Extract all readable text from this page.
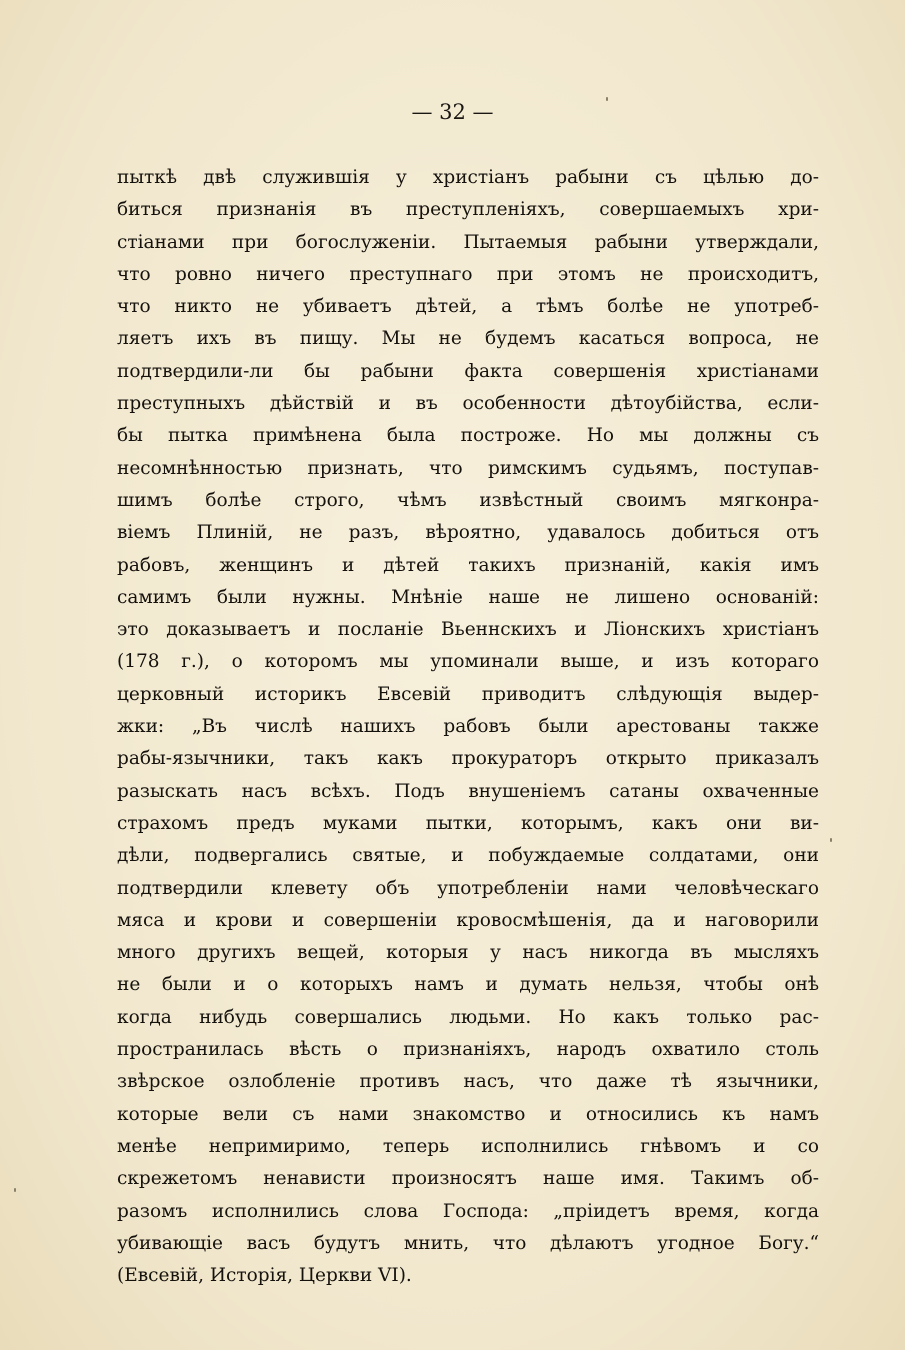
— 32 —
пыткѣ двѣ служившія у христіанъ рабыни съ цѣлью до-
биться признанія въ преступленіяхъ, совершаемыхъ хри-
стіанами при богослуженіи. Пытаемыя рабыни утверждали,
что ровно ничего преступнаго при этомъ не происходитъ,
что никто не убиваетъ дѣтей, а тѣмъ болѣе не употреб-
ляетъ ихъ въ пищу. Мы не будемъ касаться вопроса, не
подтвердили-ли бы рабыни факта совершенія христіанами
преступныхъ дѣйствій и въ особенности дѣтоубійства, если-
бы пытка примѣнена была построже. Но мы должны съ
несомнѣнностью признать, что римскимъ судьямъ, поступав-
шимъ болѣе строго, чѣмъ извѣстный своимъ мягконра-
віемъ Плиній, не разъ, вѣроятно, удавалось добиться отъ
рабовъ, женщинъ и дѣтей такихъ признаній, какія имъ
самимъ были нужны. Мнѣніе наше не лишено основаній:
это доказываетъ и посланіе Вьеннскихъ и Ліонскихъ христіанъ
(178 г.), о которомъ мы упоминали выше, и изъ котораго
церковный историкъ Евсевій приводитъ слѣдующія выдер-
жки: „Въ числѣ нашихъ рабовъ были арестованы также
рабы-язычники, такъ какъ прокураторъ открыто приказалъ
разыскать насъ всѣхъ. Подъ внушеніемъ сатаны охваченные
страхомъ предъ муками пытки, которымъ, какъ они ви-
дѣли, подвергались святые, и побуждаемые солдатами, они
подтвердили клевету объ употребленіи нами человѣческаго
мяса и крови и совершеніи кровосмѣшенія, да и наговорили
много другихъ вещей, которыя у насъ никогда въ мысляхъ
не были и о которыхъ намъ и думать нельзя, чтобы онѣ
когда нибудь совершались людьми. Но какъ только рас-
пространилась вѣсть о признаніяхъ, народъ охватило столь
звѣрское озлобленіе противъ насъ, что даже тѣ язычники,
которые вели съ нами знакомство и относились къ намъ
менѣе непримиримо, теперь исполнились гнѣвомъ и со
скрежетомъ ненависти произносятъ наше имя. Такимъ об-
разомъ исполнились слова Господа: „пріидетъ время, когда
убивающіе васъ будутъ мнить, что дѣлаютъ угодное Богу.“
(Евсевій, Исторія, Церкви VI).
